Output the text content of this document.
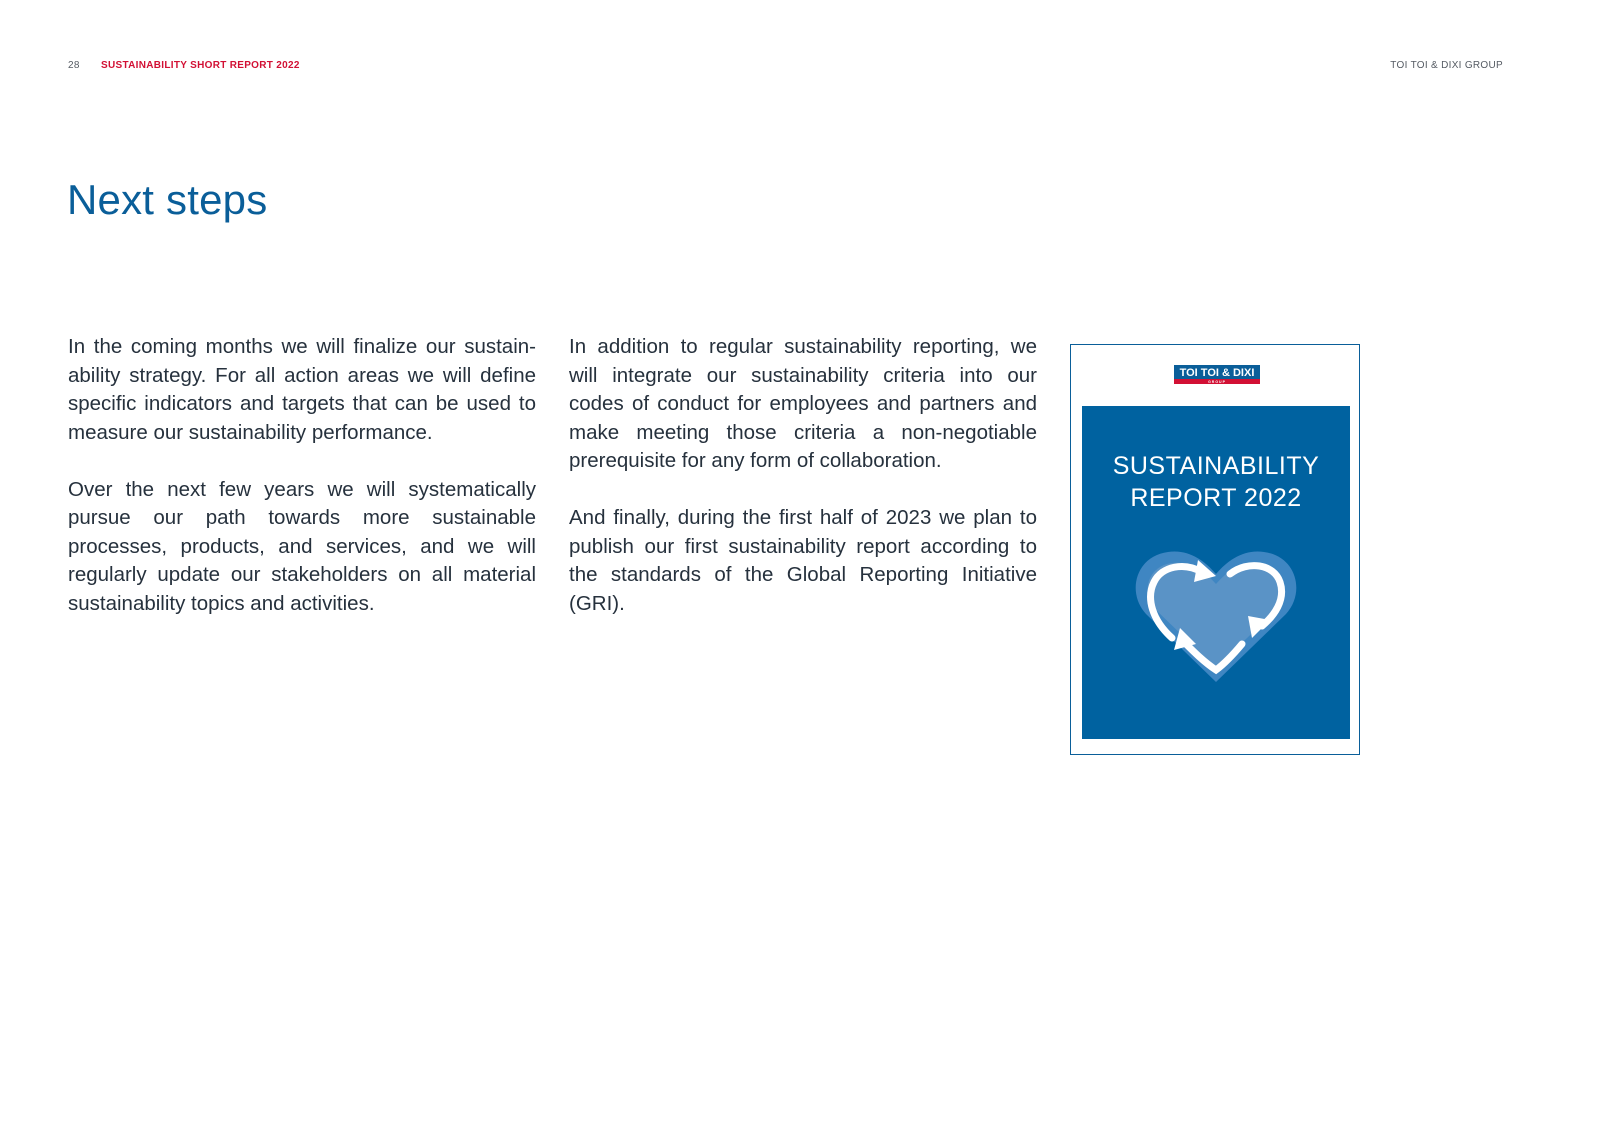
28 SUSTAINABILITY SHORT REPORT 2022	TOI TOI & DIXI GROUP
Next steps

In the coming months we will finalize our sustainability strategy. For all action areas we will define specific indicators and targets that can be used to measure our sustainability performance.

Over the next few years we will systematically pursue our path towards more sustainable processes, products, and services, and we will regularly update our stakeholders on all material sustainability topics and activities.

In addition to regular sustainability reporting, we will integrate our sustainability criteria into our codes of conduct for employees and partners and make meeting those criteria a non-negotiable prerequisite for any form of collaboration.

And finally, during the first half of 2023 we plan to publish our first sustainability report according to the standards of the Global Reporting Initiative (GRI).

TOI TOI & DIXI
GROUP
SUSTAINABILITY
REPORT 2022
